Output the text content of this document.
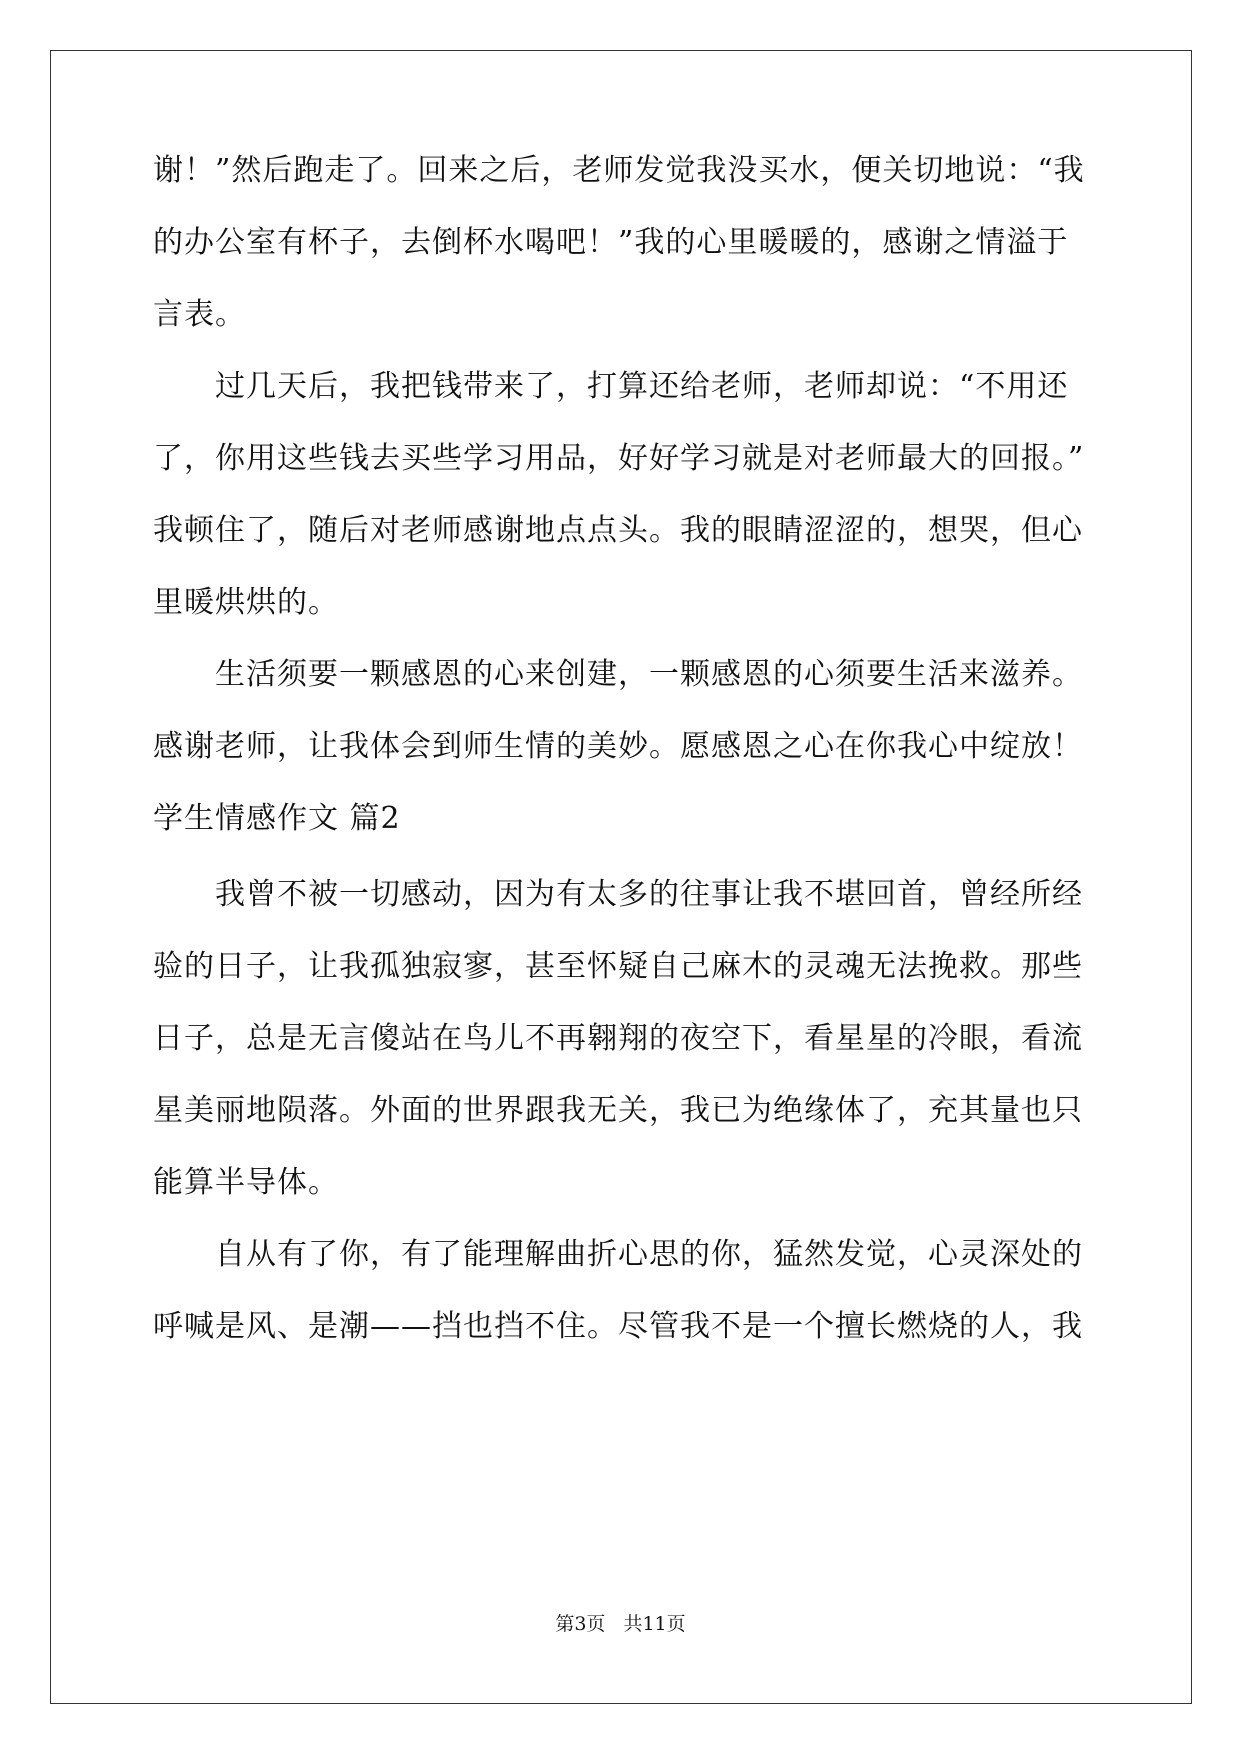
谢！”然后跑走了。回来之后，老师发觉我没买水，便关切地说：“我
的办公室有杯子，去倒杯水喝吧！”我的心里暖暖的，感谢之情溢于
言表。
过几天后，我把钱带来了，打算还给老师，老师却说：“不用还
了，你用这些钱去买些学习用品，好好学习就是对老师最大的回报。”
我顿住了，随后对老师感谢地点点头。我的眼睛涩涩的，想哭，但心
里暖烘烘的。
生活须要一颗感恩的心来创建，一颗感恩的心须要生活来滋养。
感谢老师，让我体会到师生情的美妙。愿感恩之心在你我心中绽放！
学生情感作文 篇2
我曾不被一切感动，因为有太多的往事让我不堪回首，曾经所经
验的日子，让我孤独寂寥，甚至怀疑自己麻木的灵魂无法挽救。那些
日子，总是无言傻站在鸟儿不再翱翔的夜空下，看星星的冷眼，看流
星美丽地陨落。外面的世界跟我无关，我已为绝缘体了，充其量也只
能算半导体。
自从有了你，有了能理解曲折心思的你，猛然发觉，心灵深处的
呼喊是风、是潮——挡也挡不住。尽管我不是一个擅长燃烧的人，我
第3页 共11页
